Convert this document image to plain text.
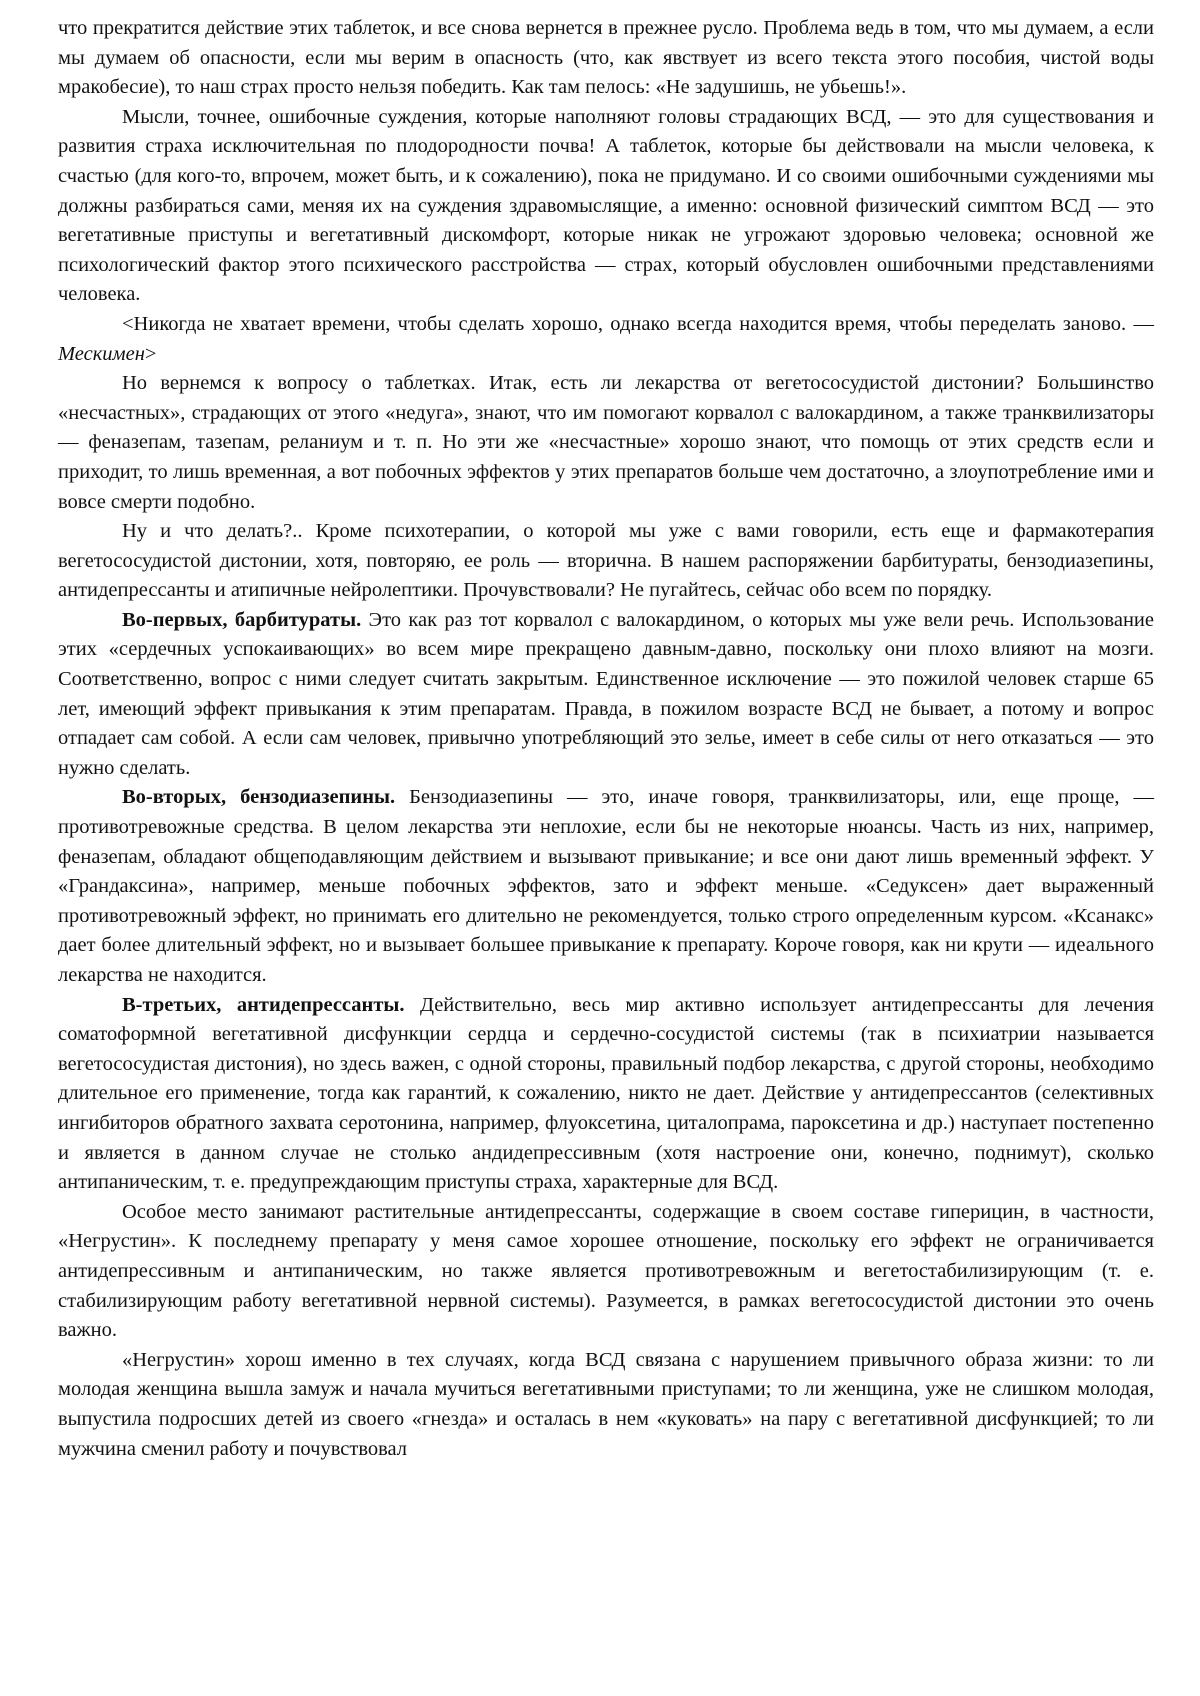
что прекратится действие этих таблеток, и все снова вернется в прежнее русло. Проблема ведь в том, что мы думаем, а если мы думаем об опасности, если мы верим в опасность (что, как явствует из всего текста этого пособия, чистой воды мракобесие), то наш страх просто нельзя победить. Как там пелось: «Не задушишь, не убьешь!».

Мысли, точнее, ошибочные суждения, которые наполняют головы страдающих ВСД, — это для существования и развития страха исключительная по плодородности почва! А таблеток, которые бы действовали на мысли человека, к счастью (для кого-то, впрочем, может быть, и к сожалению), пока не придумано. И со своими ошибочными суждениями мы должны разбираться сами, меняя их на суждения здравомыслящие, а именно: основной физический симптом ВСД — это вегетативные приступы и вегетативный дискомфорт, которые никак не угрожают здоровью человека; основной же психологический фактор этого психического расстройства — страх, который обусловлен ошибочными представлениями человека.

<Никогда не хватает времени, чтобы сделать хорошо, однако всегда находится время, чтобы переделать заново. — Мескимен>

Но вернемся к вопросу о таблетках. Итак, есть ли лекарства от вегетососудистой дистонии? Большинство «несчастных», страдающих от этого «недуга», знают, что им помогают корвалол с валокардином, а также транквилизаторы — феназепам, тазепам, реланиум и т. п. Но эти же «несчастные» хорошо знают, что помощь от этих средств если и приходит, то лишь временная, а вот побочных эффектов у этих препаратов больше чем достаточно, а злоупотребление ими и вовсе смерти подобно.

Ну и что делать?.. Кроме психотерапии, о которой мы уже с вами говорили, есть еще и фармакотерапия вегетососудистой дистонии, хотя, повторяю, ее роль — вторична. В нашем распоряжении барбитураты, бензодиазепины, антидепрессанты и атипичные нейролептики. Прочувствовали? Не пугайтесь, сейчас обо всем по порядку.

Во-первых, барбитураты. Это как раз тот корвалол с валокардином, о которых мы уже вели речь. Использование этих «сердечных успокаивающих» во всем мире прекращено давным-давно, поскольку они плохо влияют на мозги. Соответственно, вопрос с ними следует считать закрытым. Единственное исключение — это пожилой человек старше 65 лет, имеющий эффект привыкания к этим препаратам. Правда, в пожилом возрасте ВСД не бывает, а потому и вопрос отпадает сам собой. А если сам человек, привычно употребляющий это зелье, имеет в себе силы от него отказаться — это нужно сделать.

Во-вторых, бензодиазепины. Бензодиазепины — это, иначе говоря, транквилизаторы, или, еще проще, — противотревожные средства. В целом лекарства эти неплохие, если бы не некоторые нюансы. Часть из них, например, феназепам, обладают общеподавляющим действием и вызывают привыкание; и все они дают лишь временный эффект. У «Грандаксина», например, меньше побочных эффектов, зато и эффект меньше. «Седуксен» дает выраженный противотревожный эффект, но принимать его длительно не рекомендуется, только строго определенным курсом. «Ксанакс» дает более длительный эффект, но и вызывает большее привыкание к препарату. Короче говоря, как ни крути — идеального лекарства не находится.

В-третьих, антидепрессанты. Действительно, весь мир активно использует антидепрессанты для лечения соматоформной вегетативной дисфункции сердца и сердечно-сосудистой системы (так в психиатрии называется вегетососудистая дистония), но здесь важен, с одной стороны, правильный подбор лекарства, с другой стороны, необходимо длительное его применение, тогда как гарантий, к сожалению, никто не дает. Действие у антидепрессантов (селективных ингибиторов обратного захвата серотонина, например, флуоксетина, циталопрама, пароксетина и др.) наступает постепенно и является в данном случае не столько андидепрессивным (хотя настроение они, конечно, поднимут), сколько антипаническим, т. е. предупреждающим приступы страха, характерные для ВСД.

Особое место занимают растительные антидепрессанты, содержащие в своем составе гиперицин, в частности, «Негрустин». К последнему препарату у меня самое хорошее отношение, поскольку его эффект не ограничивается антидепрессивным и антипаническим, но также является противотревожным и вегетостабилизирующим (т. е. стабилизирующим работу вегетативной нервной системы). Разумеется, в рамках вегетососудистой дистонии это очень важно.

«Негрустин» хорош именно в тех случаях, когда ВСД связана с нарушением привычного образа жизни: то ли молодая женщина вышла замуж и начала мучиться вегетативными приступами; то ли женщина, уже не слишком молодая, выпустила подросших детей из своего «гнезда» и осталась в нем «куковать» на пару с вегетативной дисфункцией; то ли мужчина сменил работу и почувствовал
